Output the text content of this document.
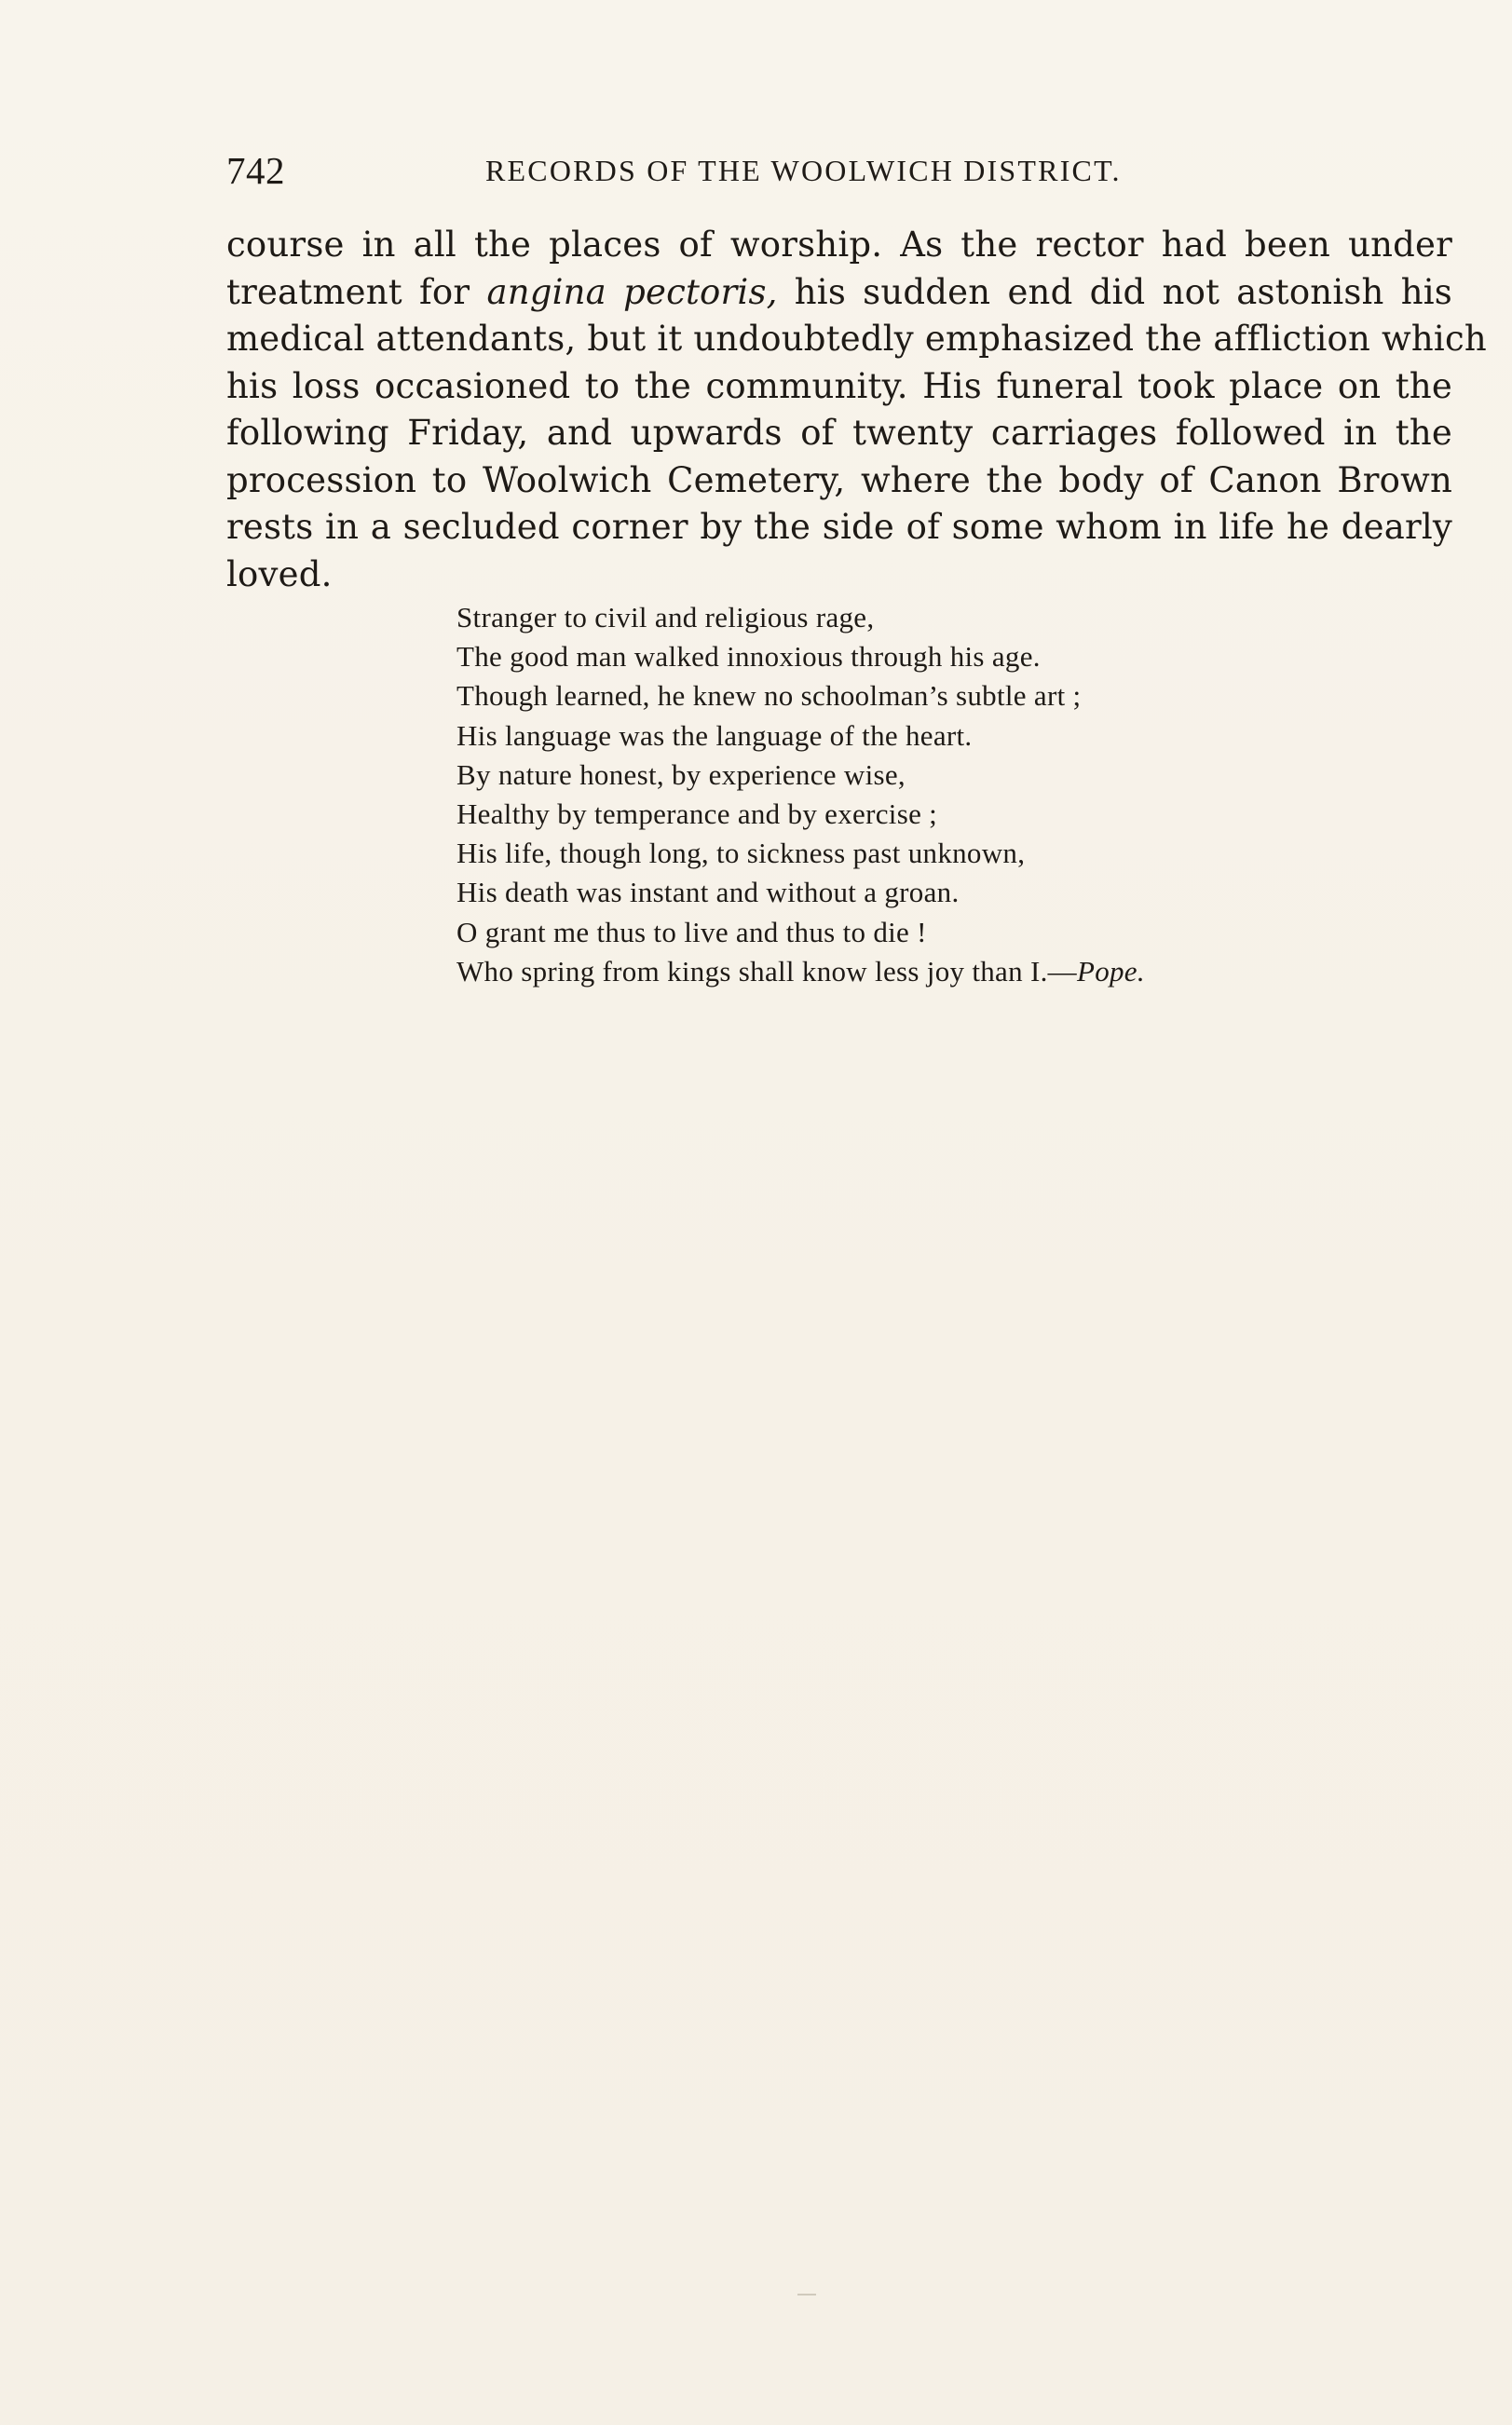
742	RECORDS OF THE WOOLWICH DISTRICT.
course in all the places of worship. As the rector had been under
treatment for angina pectoris, his sudden end did not astonish his
medical attendants, but it undoubtedly emphasized the affliction which
his loss occasioned to the community. His funeral took place on the
following Friday, and upwards of twenty carriages followed in the
procession to Woolwich Cemetery, where the body of Canon Brown
rests in a secluded corner by the side of some whom in life he dearly
loved.
Stranger to civil and religious rage,
The good man walked innoxious through his age.
Though learned, he knew no schoolman’s subtle art ;
His language was the language of the heart.
By nature honest, by experience wise,
Healthy by temperance and by exercise ;
His life, though long, to sickness past unknown,
His death was instant and without a groan.
O grant me thus to live and thus to die !
Who spring from kings shall know less joy than I.—Pope.
